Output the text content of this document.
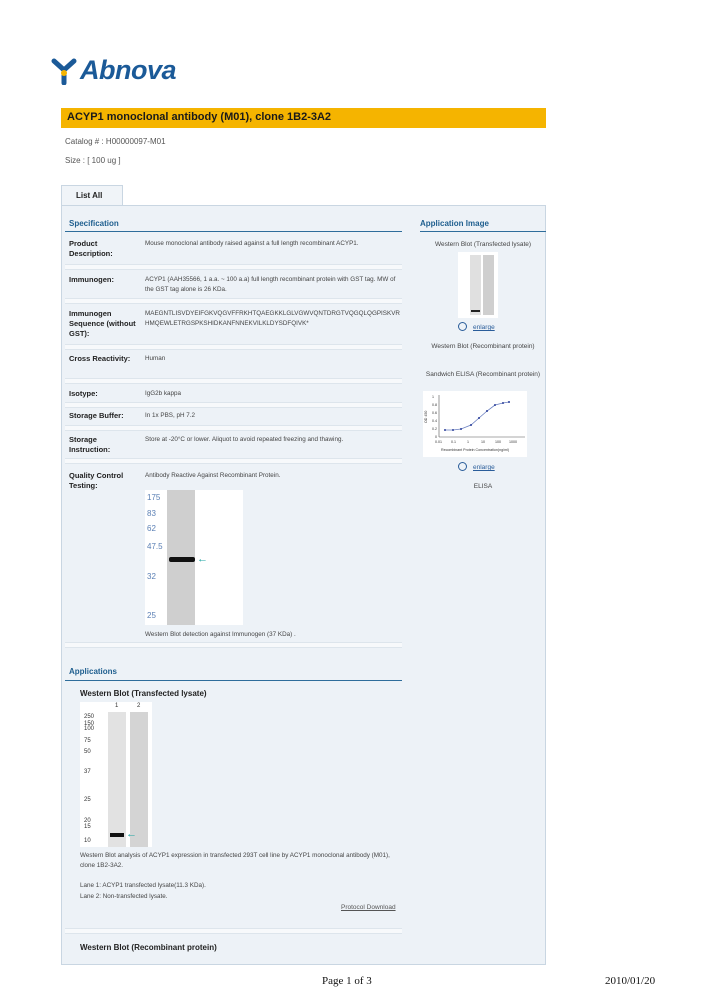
Abnova
ACYP1 monoclonal antibody (M01), clone 1B2-3A2
Catalog # : H00000097-M01
Size : [ 100 ug ]
List All
Specification
Product Description:
Mouse monoclonal antibody raised against a full length recombinant ACYP1.
Immunogen:	ACYP1 (AAH35566, 1 a.a. ~ 100 a.a) full length recombinant protein with GST tag. MW of the GST tag alone is 26 KDa.
Immunogen Sequence (without GST):
MAEGNTLISVDYEIFGKVQGVFFRKHTQAEGKKLGLVGWVQNTDRGTVQGQLQGPISKVRHMQEWLETRGSPKSHIDKANFNNEKVILKLDYSDFQIVK*
Cross Reactivity:	Human
Isotype:	IgG2b kappa
Storage Buffer:	In 1x PBS, pH 7.2
Storage Instruction:
Store at -20°C or lower. Aliquot to avoid repeated freezing and thawing.
Quality Control Testing:
Antibody Reactive Against Recombinant Protein.
175
83
62
47.5
32
25
←
Western Blot detection against Immunogen (37 KDa) .
Application Image
Western Blot (Transfected lysate)
enlarge
Western Blot (Recombinant protein)
Sandwich ELISA (Recombinant protein)
1
0.8
0.6
0.4
0.2
0
0.01	0.1	1	10	100 1000
Recombinant Protein Concentration(ng/ml)
OD 450
enlarge
ELISA
Applications
Western Blot (Transfected lysate)
1	2
250
150
100
75
50
37
25
20
15
10
←
Western Blot analysis of ACYP1 expression in transfected 293T cell line by ACYP1 monoclonal antibody (M01), clone 1B2-3A2.
Lane 1: ACYP1 transfected lysate(11.3 KDa).
Lane 2: Non-transfected lysate.
Protocol Download
Western Blot (Recombinant protein)
Page 1 of 3	2010/01/20
